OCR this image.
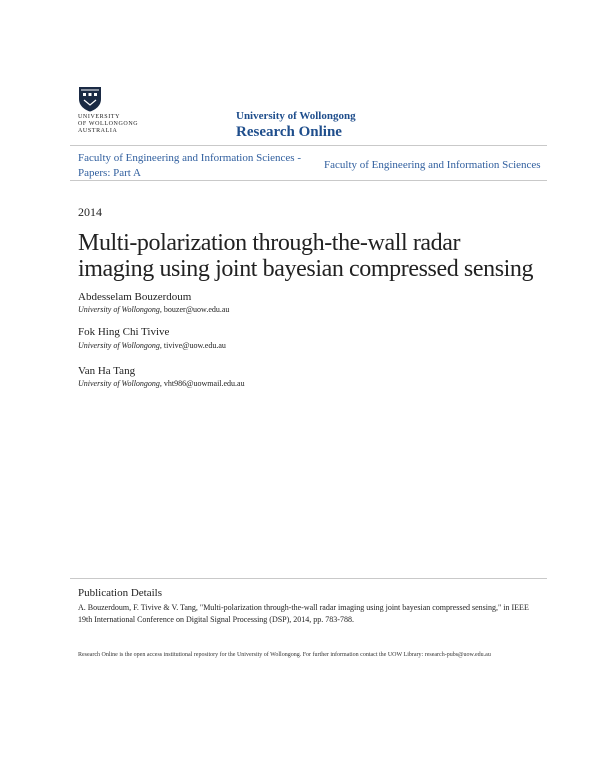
UNIVERSITY
OF WOLLONGONG
AUSTRALIA
University of Wollongong
Research Online
Faculty of Engineering and Information Sciences - Papers: Part A
Faculty of Engineering and Information Sciences
2014
Multi-polarization through-the-wall radar imaging using joint bayesian compressed sensing
Abdesselam Bouzerdoum
University of Wollongong, bouzer@uow.edu.au
Fok Hing Chi Tivive
University of Wollongong, tivive@uow.edu.au
Van Ha Tang
University of Wollongong, vht986@uowmail.edu.au
Publication Details
A. Bouzerdoum, F. Tivive & V. Tang, "Multi-polarization through-the-wall radar imaging using joint bayesian compressed sensing," in IEEE 19th International Conference on Digital Signal Processing (DSP), 2014, pp. 783-788.
Research Online is the open access institutional repository for the University of Wollongong. For further information contact the UOW Library: research-pubs@uow.edu.au
